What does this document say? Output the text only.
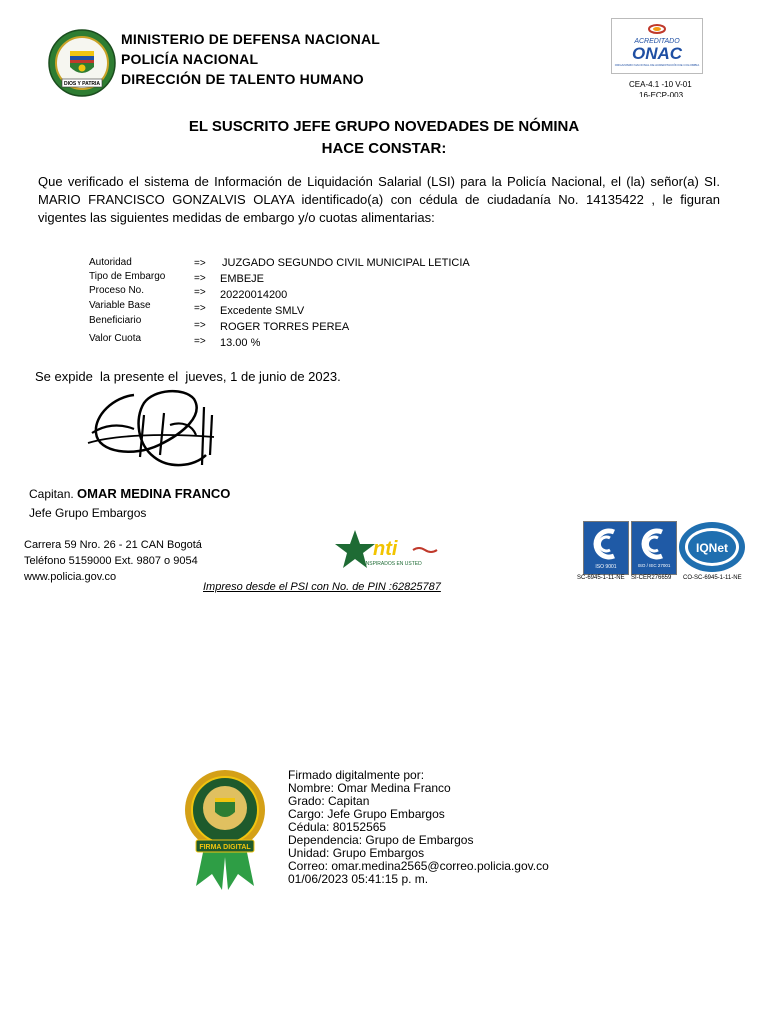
DIOS Y PATRIA
MINISTERIO DE DEFENSA NACIONAL
POLICÍA NACIONAL
DIRECCIÓN DE TALENTO HUMANO
ACREDITADO
ONAC
ORGANISMO NACIONAL DE ACREDITACIÓN DE COLOMBIA
CEA-4.1 -10 V-01
16-ECP-003
EL SUSCRITO JEFE GRUPO NOVEDADES DE NÓMINA
HACE CONSTAR:
Que verificado el sistema de Información de Liquidación Salarial (LSI) para la Policía Nacional, el (la) señor(a) SI. MARIO FRANCISCO GONZALVIS OLAYA identificado(a) con cédula de ciudadanía No. 14135422 , le figuran vigentes las siguientes medidas de embargo y/o cuotas alimentarias:
Autoridad	=> JUZGADO SEGUNDO CIVIL MUNICIPAL LETICIA
Tipo de Embargo	=> EMBEJE
Proceso No.	=> 20220014200
Variable Base	=> Excedente SMLV
Beneficiario	=> ROGER TORRES PEREA
Valor Cuota	=> 13.00 %
Se expide  la presente el  jueves, 1 de junio de 2023.
Capitan. OMAR MEDINA FRANCO
Jefe Grupo Embargos
Carrera 59 Nro. 26 - 21 CAN Bogotá
Teléfono 5159000 Ext. 9807 o 9054
www.policia.gov.co
nti
INSPIRADOS EN USTED
Impreso desde el PSI con No. de PIN :62825787
ISO 9001	ISO / IEC 27001
IQNet
SC-6945-1-11-NE SI-CER276659 CO-SC-6945-1-11-NE
FIRMA DIGITAL
Firmado digitalmente por:
Nombre: Omar Medina Franco
Grado: Capitan
Cargo: Jefe Grupo Embargos
Cédula: 80152565
Dependencia: Grupo de Embargos
Unidad: Grupo Embargos
Correo: omar.medina2565@correo.policia.gov.co
01/06/2023 05:41:15 p. m.
